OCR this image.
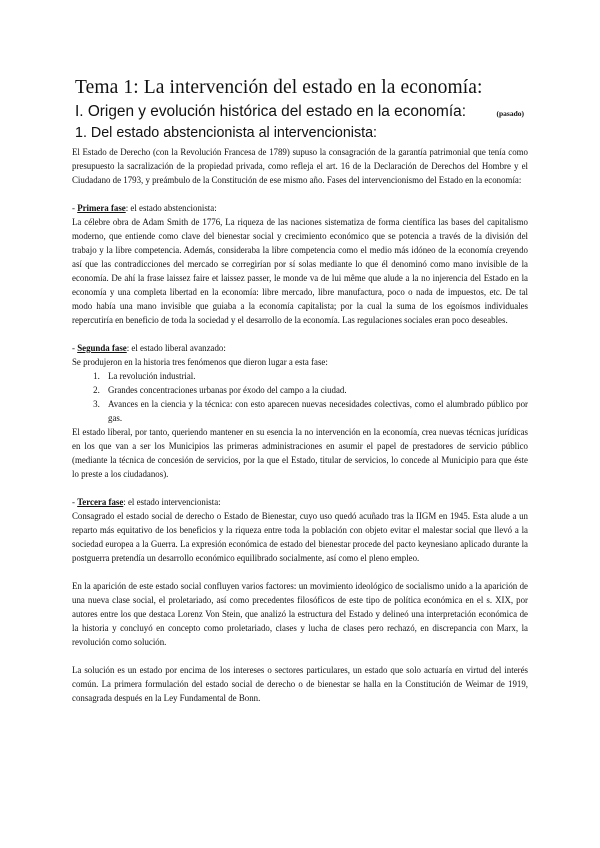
Tema 1: La intervención del estado en la economía:
I. Origen y evolución histórica del estado en la economía:	(pasado)
1. Del estado abstencionista al intervencionista:

El Estado de Derecho (con la Revolución Francesa de 1789) supuso la consagración de la garantía patrimonial que tenía como presupuesto la sacralización de la propiedad privada, como refleja el art. 16 de la Declaración de Derechos del Hombre y el Ciudadano de 1793, y preámbulo de la Constitución de ese mismo año. Fases del intervencionismo del Estado en la economía:

- Primera fase: el estado abstencionista:

La célebre obra de Adam Smith de 1776, La riqueza de las naciones sistematiza de forma científica las bases del capitalismo moderno, que entiende como clave del bienestar social y crecimiento económico que se potencia a través de la división del trabajo y la libre competencia. Además, consideraba la libre competencia como el medio más idóneo de la economía creyendo así que las contradicciones del mercado se corregirían por sí solas mediante lo que él denominó como mano invisible de la economía. De ahí la frase laissez faire et laissez passer, le monde va de lui même que alude a la no injerencia del Estado en la economía y una completa libertad en la economía: libre mercado, libre manufactura, poco o nada de impuestos, etc. De tal modo había una mano invisible que guiaba a la economía capitalista; por la cual la suma de los egoísmos individuales repercutiría en beneficio de toda la sociedad y el desarrollo de la economía. Las regulaciones sociales eran poco deseables.

- Segunda fase: el estado liberal avanzado:

Se produjeron en la historia tres fenómenos que dieron lugar a esta fase:

1. La revolución industrial.
2. Grandes concentraciones urbanas por éxodo del campo a la ciudad.
3. Avances en la ciencia y la técnica: con esto aparecen nuevas necesidades colectivas, como el alumbrado público por gas.

El estado liberal, por tanto, queriendo mantener en su esencia la no intervención en la economía, crea nuevas técnicas jurídicas en los que van a ser los Municipios las primeras administraciones en asumir el papel de prestadores de servicio público (mediante la técnica de concesión de servicios, por la que el Estado, titular de servicios, lo concede al Municipio para que éste lo preste a los ciudadanos).

- Tercera fase: el estado intervencionista:

Consagrado el estado social de derecho o Estado de Bienestar, cuyo uso quedó acuñado tras la IIGM en 1945. Esta alude a un reparto más equitativo de los beneficios y la riqueza entre toda la población con objeto evitar el malestar social que llevó a la sociedad europea a la Guerra. La expresión económica de estado del bienestar procede del pacto keynesiano aplicado durante la postguerra pretendía un desarrollo económico equilibrado socialmente, así como el pleno empleo.

En la aparición de este estado social confluyen varios factores: un movimiento ideológico de socialismo unido a la aparición de una nueva clase social, el proletariado, así como precedentes filosóficos de este tipo de política económica en el s. XIX, por autores entre los que destaca Lorenz Von Stein, que analizó la estructura del Estado y delineó una interpretación económica de la historia y concluyó en concepto como proletariado, clases y lucha de clases pero rechazó, en discrepancia con Marx, la revolución como solución.

La solución es un estado por encima de los intereses o sectores particulares, un estado que solo actuaría en virtud del interés común. La primera formulación del estado social de derecho o de bienestar se halla en la Constitución de Weimar de 1919, consagrada después en la Ley Fundamental de Bonn.
